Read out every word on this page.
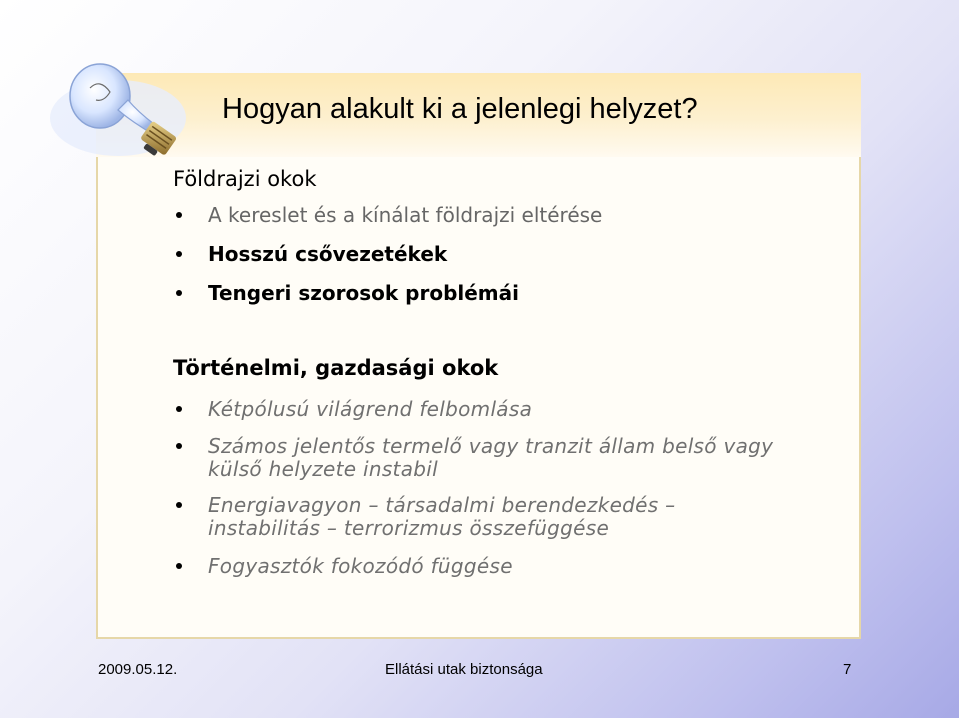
Hogyan alakult ki a jelenlegi helyzet?
Földrajzi okok
A kereslet és a kínálat földrajzi eltérése
Hosszú csővezetékek
Tengeri szorosok problémái
Történelmi, gazdasági okok
Kétpólusú világrend felbomlása
Számos jelentős termelő vagy tranzit állam belső vagy
külső helyzete instabil
Energiavagyon – társadalmi berendezkedés –
instabilitás – terrorizmus összefüggése
Fogyasztók fokozódó függése
2009.05.12.	Ellátási utak biztonsága	7
